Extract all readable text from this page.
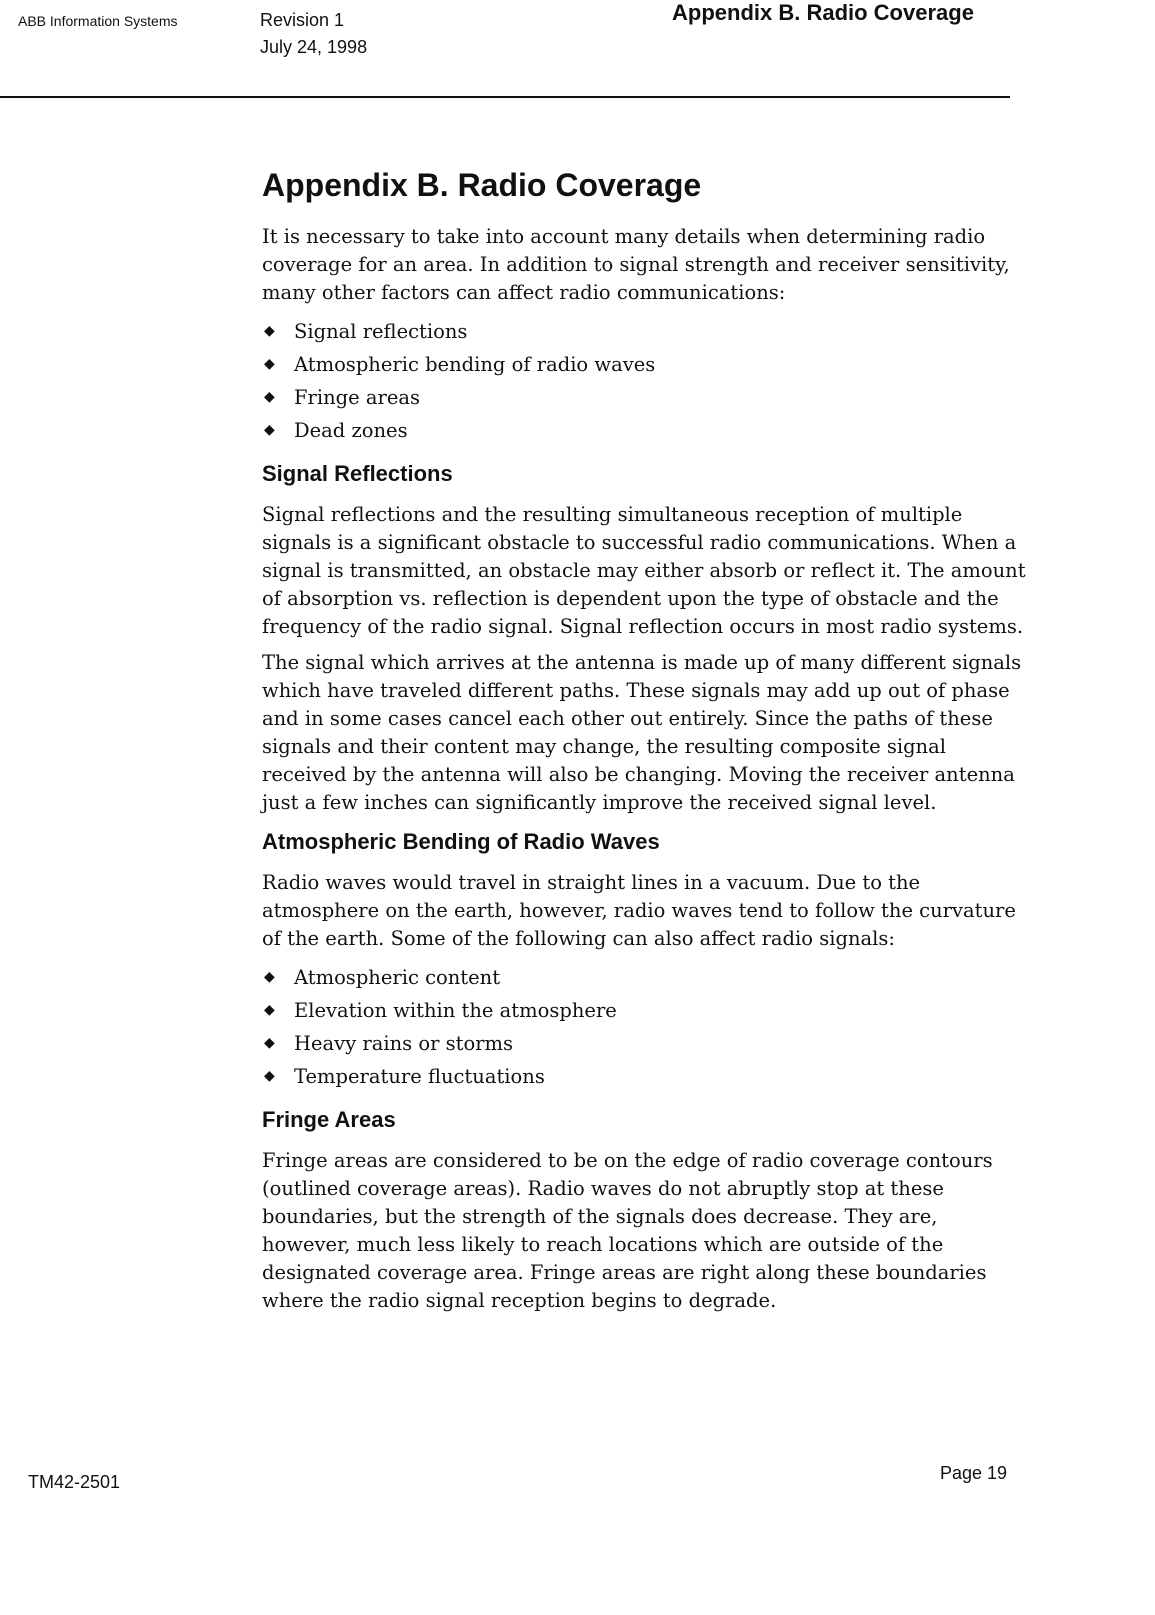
ABB Information Systems	Revision 1
July 24, 1998
Appendix B. Radio Coverage
Appendix B. Radio Coverage

It is necessary to take into account many details when determining radio coverage for an area. In addition to signal strength and receiver sensitivity, many other factors can affect radio communications:

◆ Signal reflections
◆ Atmospheric bending of radio waves
◆ Fringe areas
◆ Dead zones
Signal Reflections

Signal reflections and the resulting simultaneous reception of multiple signals is a significant obstacle to successful radio communications. When a signal is transmitted, an obstacle may either absorb or reflect it. The amount of absorption vs. reflection is dependent upon the type of obstacle and the frequency of the radio signal. Signal reflection occurs in most radio systems.

The signal which arrives at the antenna is made up of many different signals which have traveled different paths. These signals may add up out of phase and in some cases cancel each other out entirely. Since the paths of these signals and their content may change, the resulting composite signal received by the antenna will also be changing. Moving the receiver antenna just a few inches can significantly improve the received signal level.

Atmospheric Bending of Radio Waves

Radio waves would travel in straight lines in a vacuum. Due to the atmosphere on the earth, however, radio waves tend to follow the curvature of the earth. Some of the following can also affect radio signals:

◆ Atmospheric content
◆ Elevation within the atmosphere
◆ Heavy rains or storms
◆ Temperature fluctuations
Fringe Areas

Fringe areas are considered to be on the edge of radio coverage contours (outlined coverage areas). Radio waves do not abruptly stop at these boundaries, but the strength of the signals does decrease. They are, however, much less likely to reach locations which are outside of the designated coverage area. Fringe areas are right along these boundaries where the radio signal reception begins to degrade.

TM42-2501	Page 19
